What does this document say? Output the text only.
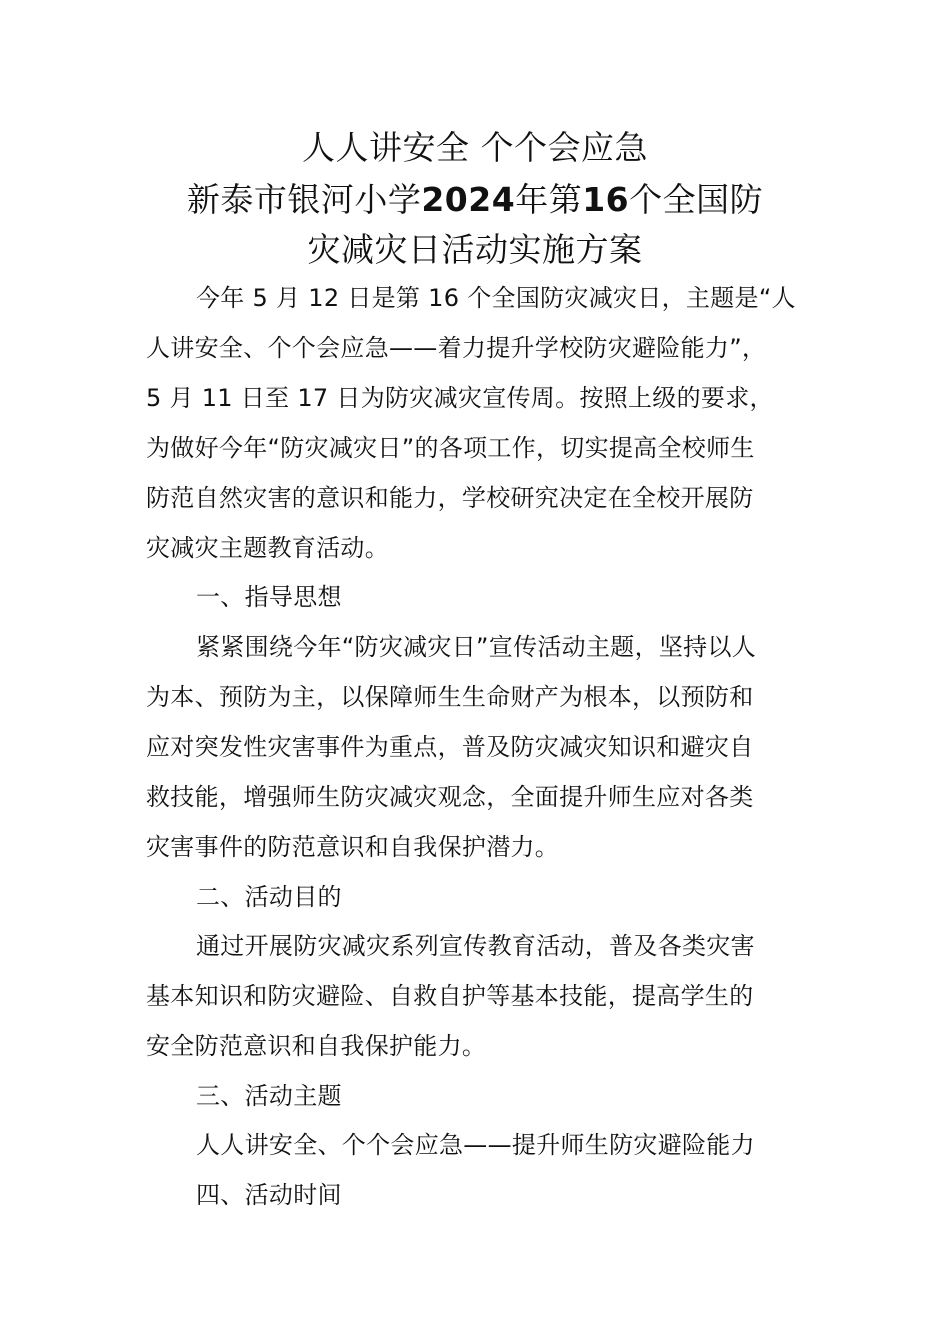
人人讲安全 个个会应急
新泰市银河小学2024年第16个全国防
灾减灾日活动实施方案
今年 5 月 12 日是第 16 个全国防灾减灾日，主题是“人
人讲安全、个个会应急——着力提升学校防灾避险能力”，
5 月 11 日至 17 日为防灾减灾宣传周。按照上级的要求，
为做好今年“防灾减灾日”的各项工作，切实提高全校师生
防范自然灾害的意识和能力，学校研究决定在全校开展防
灾减灾主题教育活动。
一、指导思想
紧紧围绕今年“防灾减灾日”宣传活动主题，坚持以人
为本、预防为主，以保障师生生命财产为根本，以预防和
应对突发性灾害事件为重点，普及防灾减灾知识和避灾自
救技能，增强师生防灾减灾观念，全面提升师生应对各类
灾害事件的防范意识和自我保护潜力。
二、活动目的
通过开展防灾减灾系列宣传教育活动，普及各类灾害
基本知识和防灾避险、自救自护等基本技能，提高学生的
安全防范意识和自我保护能力。
三、活动主题
人人讲安全、个个会应急——提升师生防灾避险能力
四、活动时间
